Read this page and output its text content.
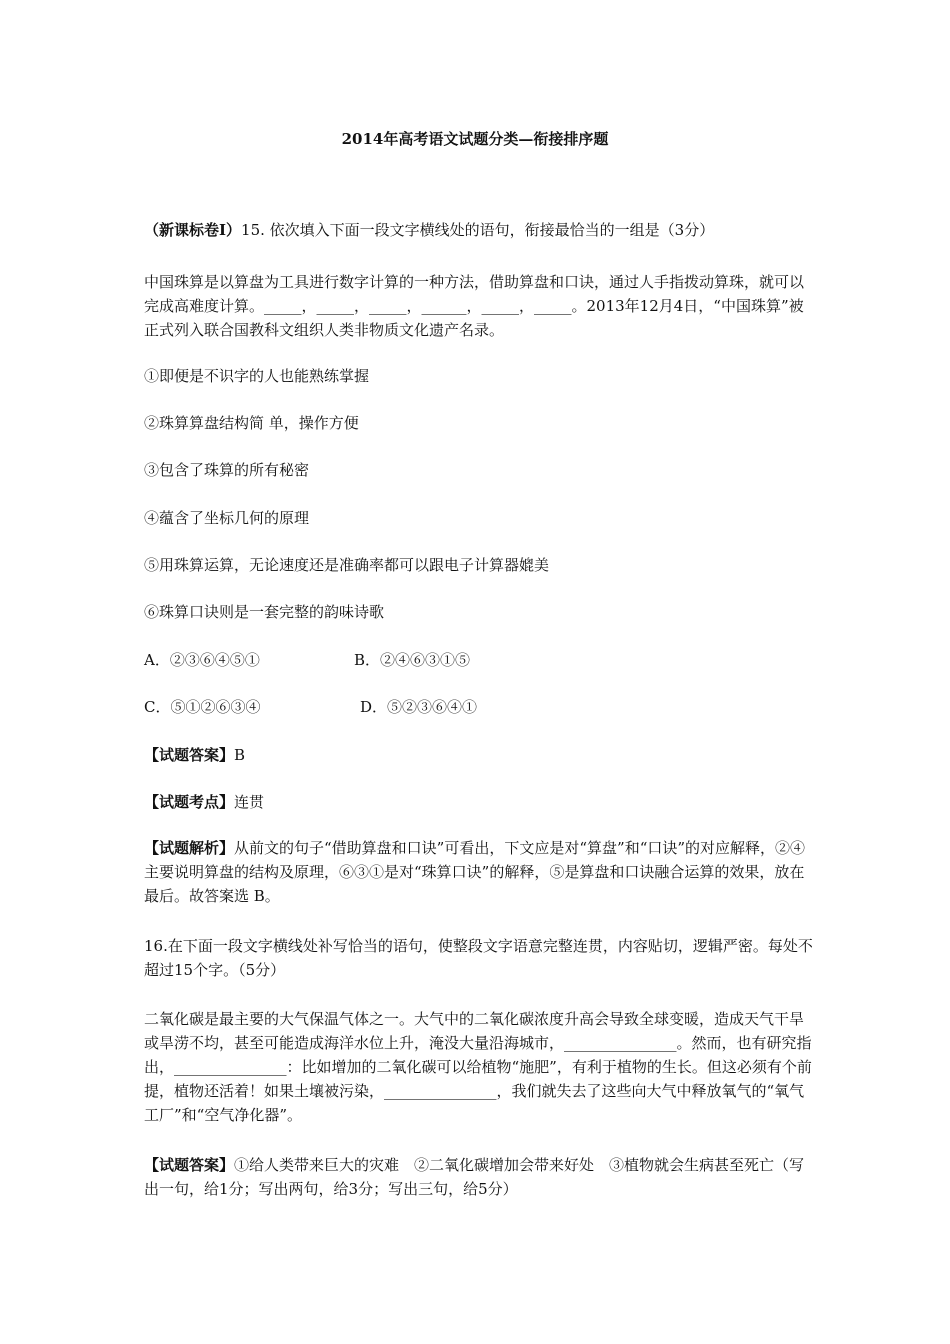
2014年高考语文试题分类—衔接排序题
（新课标卷Ⅰ）15. 依次填入下面一段文字横线处的语句，衔接最恰当的一组是（3分）
中国珠算是以算盘为工具进行数字计算的一种方法，借助算盘和口诀，通过人手指拨动算珠，就可以完成高难度计算。_____，_____，_____，______，_____，_____。2013年12月4日，“中国珠算”被正式列入联合国教科文组织人类非物质文化遗产名录。
①即便是不识字的人也能熟练掌握
②珠算算盘结构简 单，操作方便
③包含了珠算的所有秘密
④蕴含了坐标几何的原理
⑤用珠算运算，无论速度还是准确率都可以跟电子计算器媲美
⑥珠算口诀则是一套完整的韵味诗歌
A．②③⑥④⑤①	B．②④⑥③①⑤
C．⑤①②⑥③④	D．⑤②③⑥④①
【试题答案】B
【试题考点】连贯
【试题解析】从前文的句子“借助算盘和口诀”可看出，下文应是对“算盘”和“口诀”的对应解释，②④主要说明算盘的结构及原理，⑥③①是对“珠算口诀”的解释，⑤是算盘和口诀融合运算的效果，放在最后。故答案选 B。
16.在下面一段文字横线处补写恰当的语句，使整段文字语意完整连贯，内容贴切，逻辑严密。每处不超过15个字。（5分）
二氧化碳是最主要的大气保温气体之一。大气中的二氧化碳浓度升高会导致全球变暖，造成天气干旱或旱涝不均，甚至可能造成海洋水位上升，淹没大量沿海城市，_______________。然而，也有研究指出，_______________：比如增加的二氧化碳可以给植物“施肥”，有利于植物的生长。但这必须有个前提，植物还活着！如果土壤被污染，_______________，我们就失去了这些向大气中释放氧气的“氧气工厂”和“空气净化器”。
【试题答案】①给人类带来巨大的灾难　②二氧化碳增加会带来好处　③植物就会生病甚至死亡（写出一句，给1分；写出两句，给3分；写出三句，给5分）
